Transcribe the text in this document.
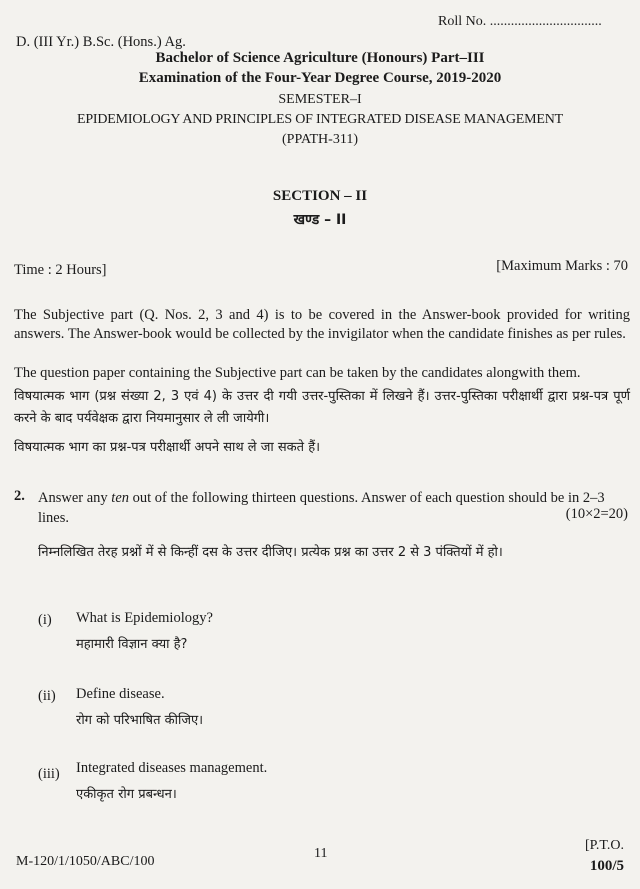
Roll No. ................................
D. (III Yr.) B.Sc. (Hons.) Ag.
Bachelor of Science Agriculture (Honours) Part–III
Examination of the Four-Year Degree Course, 2019-2020
SEMESTER–I
EPIDEMIOLOGY AND PRINCIPLES OF INTEGRATED DISEASE MANAGEMENT
(PPATH-311)
SECTION – II
खण्ड – II
Time : 2 Hours]	[Maximum Marks : 70
The Subjective part (Q. Nos. 2, 3 and 4) is to be covered in the Answer-book provided for writing answers. The Answer-book would be collected by the invigilator when the candidate finishes as per rules.
The question paper containing the Subjective part can be taken by the candidates alongwith them.
विषयात्मक भाग (प्रश्न संख्या 2, 3 एवं 4) के उत्तर दी गयी उत्तर-पुस्तिका में लिखने हैं। उत्तर-पुस्तिका परीक्षार्थी द्वारा प्रश्न-पत्र पूर्ण करने के बाद पर्यवेक्षक द्वारा नियमानुसार ले ली जायेगी।
विषयात्मक भाग का प्रश्न-पत्र परीक्षार्थी अपने साथ ले जा सकते हैं।
2. Answer any ten out of the following thirteen questions. Answer of each question should be in 2–3 lines.	(10×2=20)
निम्नलिखित तेरह प्रश्नों में से किन्हीं दस के उत्तर दीजिए। प्रत्येक प्रश्न का उत्तर 2 से 3 पंक्तियों में हो।
(i) What is Epidemiology?
महामारी विज्ञान क्या है?
(ii) Define disease.
रोग को परिभाषित कीजिए।
(iii) Integrated diseases management.
एकीकृत रोग प्रबन्धन।
M-120/1/1050/ABC/100
11
[P.T.O.
100/5
